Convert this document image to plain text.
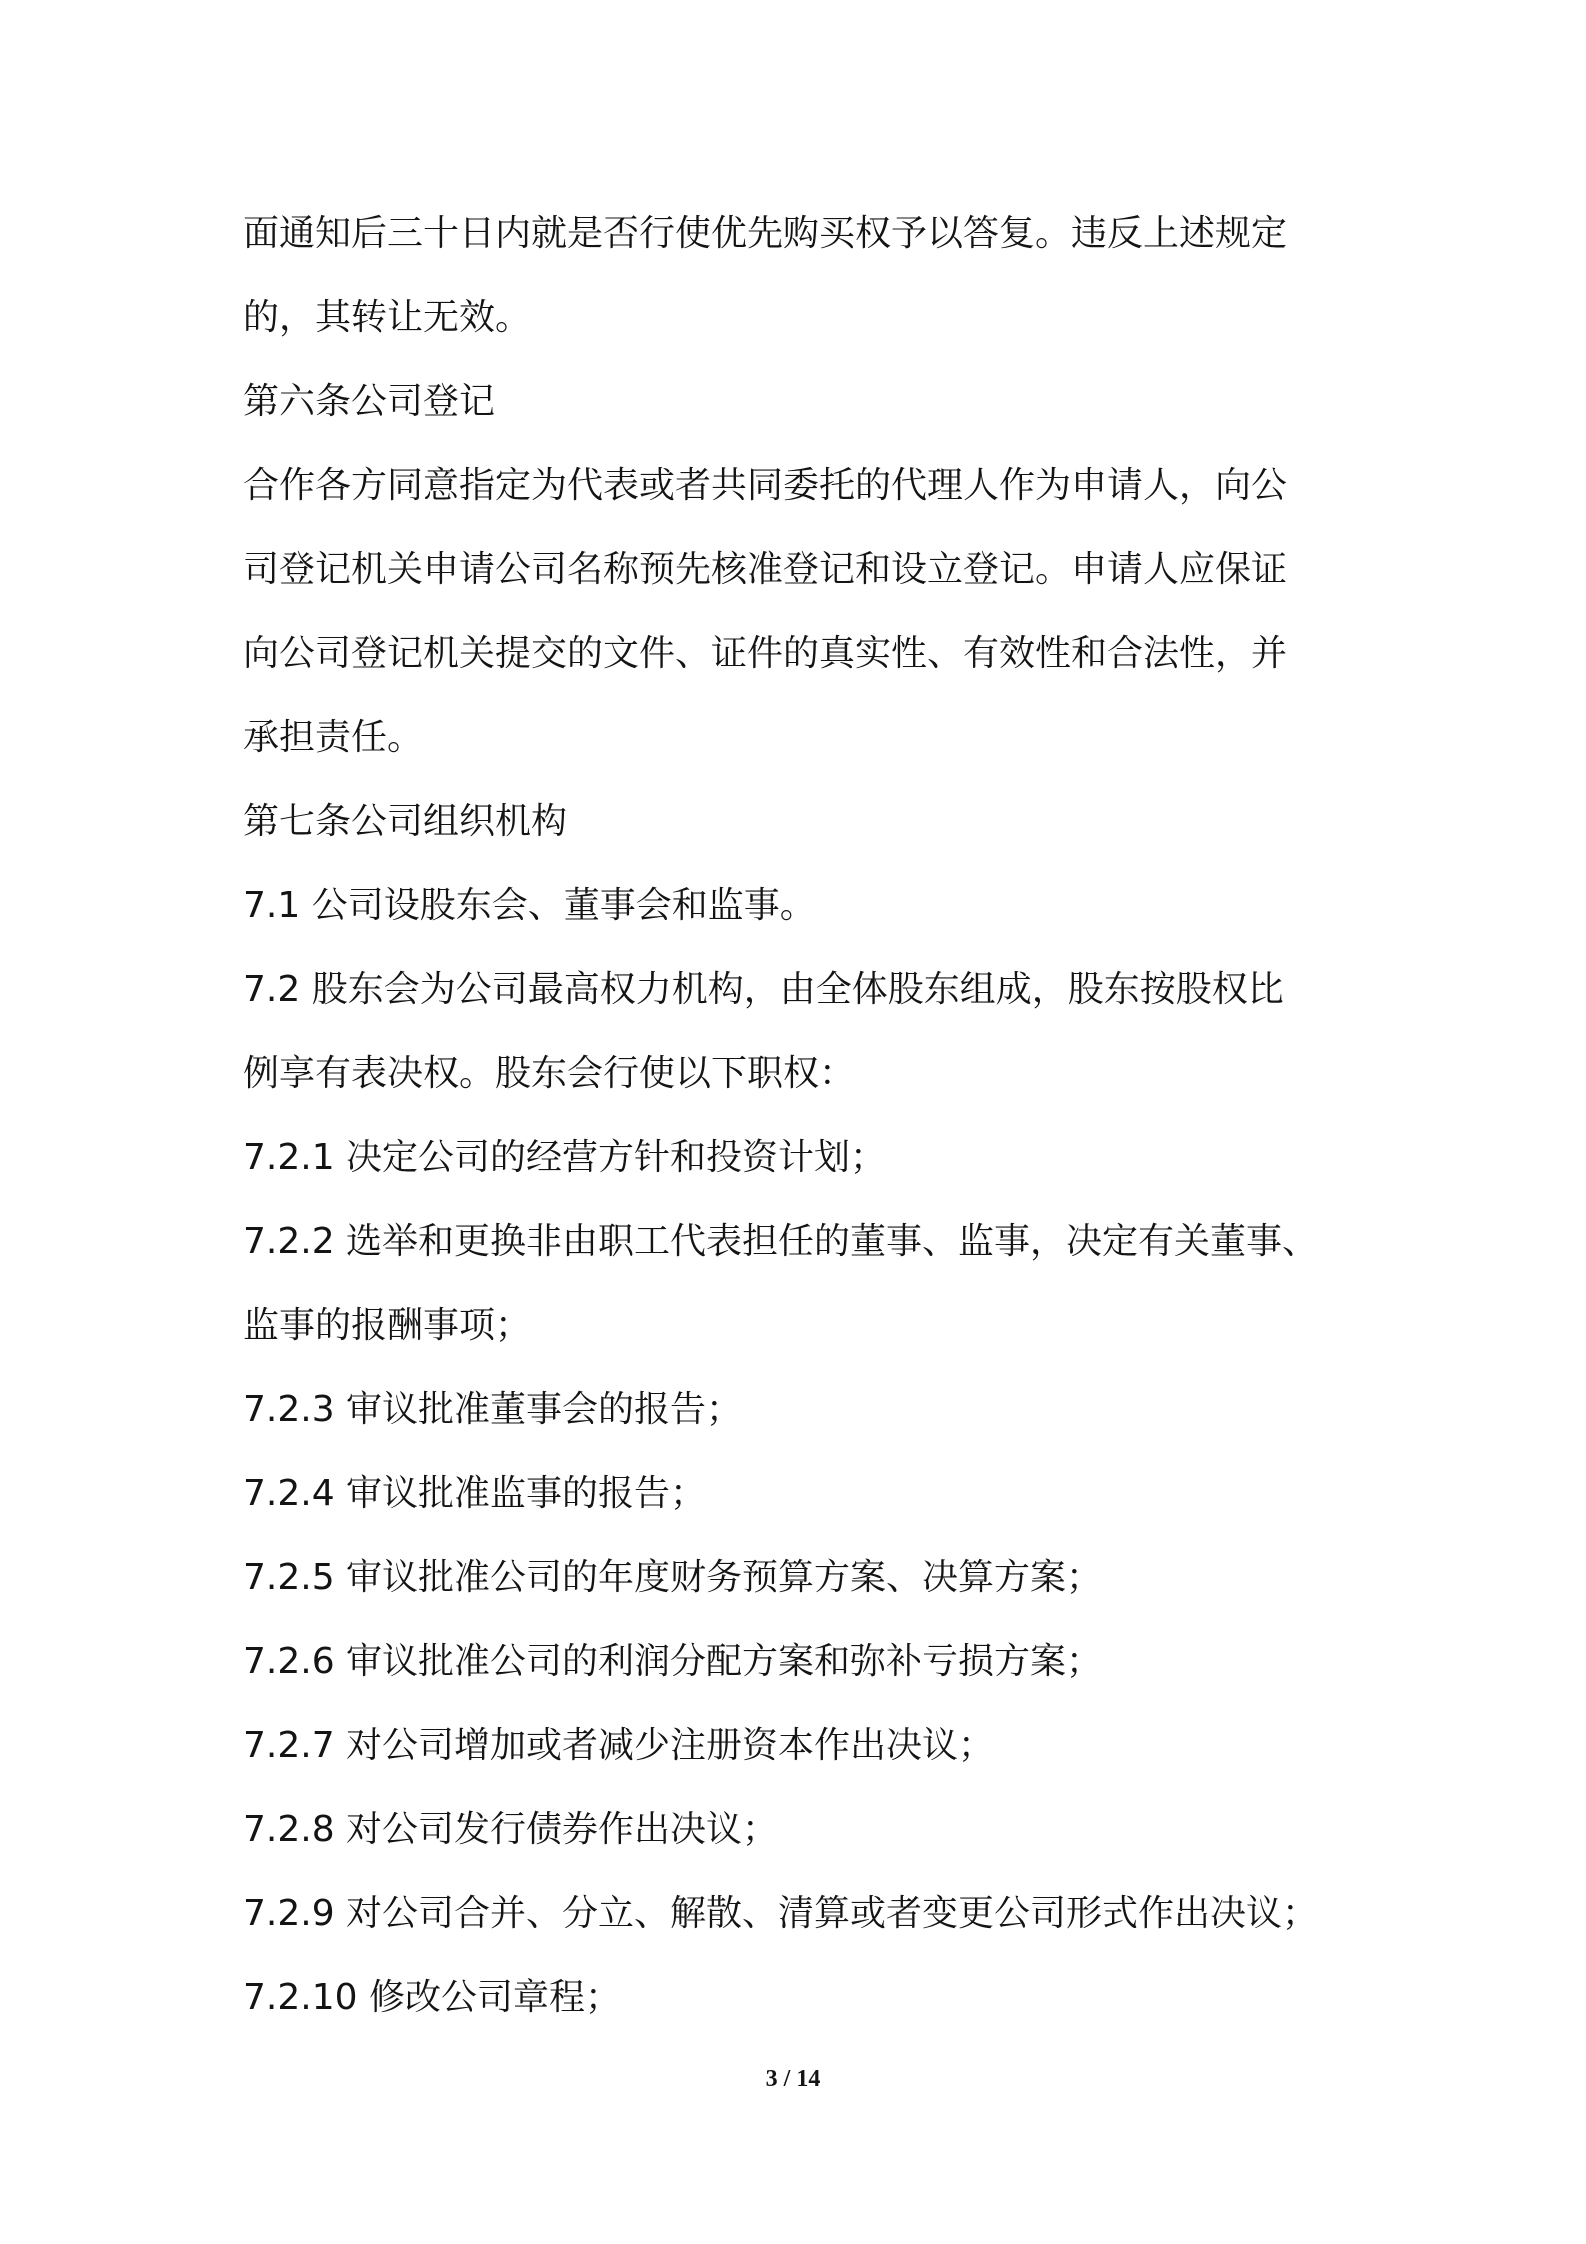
面通知后三十日内就是否行使优先购买权予以答复。违反上述规定
的，其转让无效。
第六条公司登记
合作各方同意指定为代表或者共同委托的代理人作为申请人，向公
司登记机关申请公司名称预先核准登记和设立登记。申请人应保证
向公司登记机关提交的文件、证件的真实性、有效性和合法性，并
承担责任。
第七条公司组织机构
7.1 公司设股东会、董事会和监事。
7.2 股东会为公司最高权力机构，由全体股东组成，股东按股权比
例享有表决权。股东会行使以下职权：
7.2.1 决定公司的经营方针和投资计划；
7.2.2 选举和更换非由职工代表担任的董事、监事，决定有关董事、
监事的报酬事项；
7.2.3 审议批准董事会的报告；
7.2.4 审议批准监事的报告；
7.2.5 审议批准公司的年度财务预算方案、决算方案；
7.2.6 审议批准公司的利润分配方案和弥补亏损方案；
7.2.7 对公司增加或者减少注册资本作出决议；
7.2.8 对公司发行债券作出决议；
7.2.9 对公司合并、分立、解散、清算或者变更公司形式作出决议；
7.2.10 修改公司章程；
3 / 14
